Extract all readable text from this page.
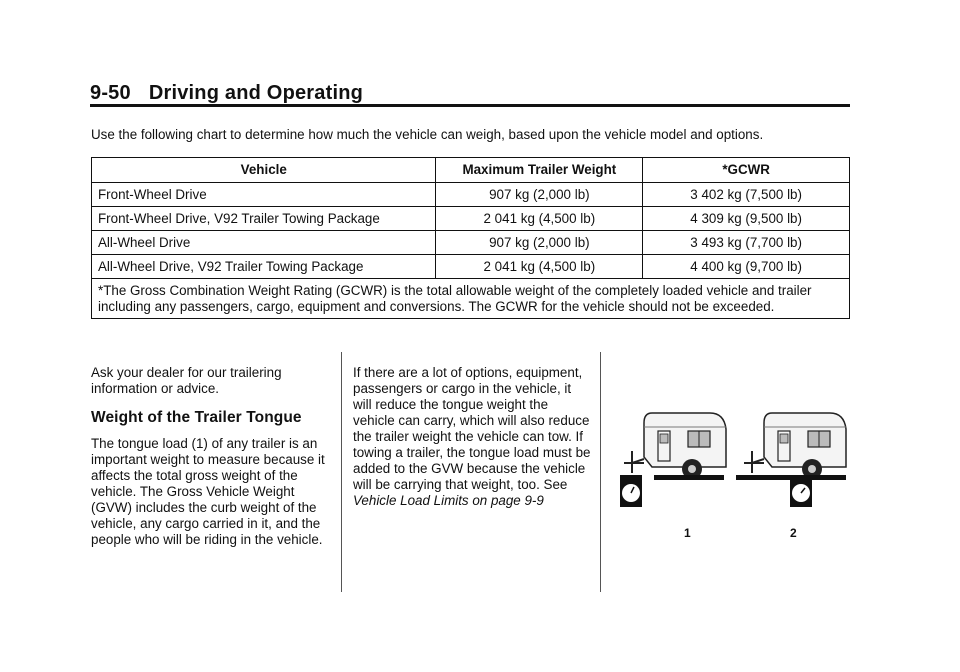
9-50 Driving and Operating
Use the following chart to determine how much the vehicle can weigh, based upon the vehicle model and options.
Vehicle	Maximum Trailer Weight	*GCWR
Front-Wheel Drive	907 kg (2,000 lb)	3 402 kg (7,500 lb)
Front-Wheel Drive, V92 Trailer Towing Package	2 041 kg (4,500 lb)	4 309 kg (9,500 lb)
All-Wheel Drive	907 kg (2,000 lb)	3 493 kg (7,700 lb)
All-Wheel Drive, V92 Trailer Towing Package	2 041 kg (4,500 lb)	4 400 kg (9,700 lb)
*The Gross Combination Weight Rating (GCWR) is the total allowable weight of the completely loaded vehicle and trailer including any passengers, cargo, equipment and conversions. The GCWR for the vehicle should not be exceeded.		

Ask your dealer for our trailering information or advice.

Weight of the Trailer Tongue

The tongue load (1) of any trailer is an important weight to measure because it affects the total gross weight of the vehicle. The Gross Vehicle Weight (GVW) includes the curb weight of the vehicle, any cargo carried in it, and the people who will be riding in the vehicle.

If there are a lot of options, equipment, passengers or cargo in the vehicle, it will reduce the tongue weight the vehicle can carry, which will also reduce the trailer weight the vehicle can tow. If towing a trailer, the tongue load must be added to the GVW because the vehicle will be carrying that weight, too. See Vehicle Load Limits on page 9-9
1	2
